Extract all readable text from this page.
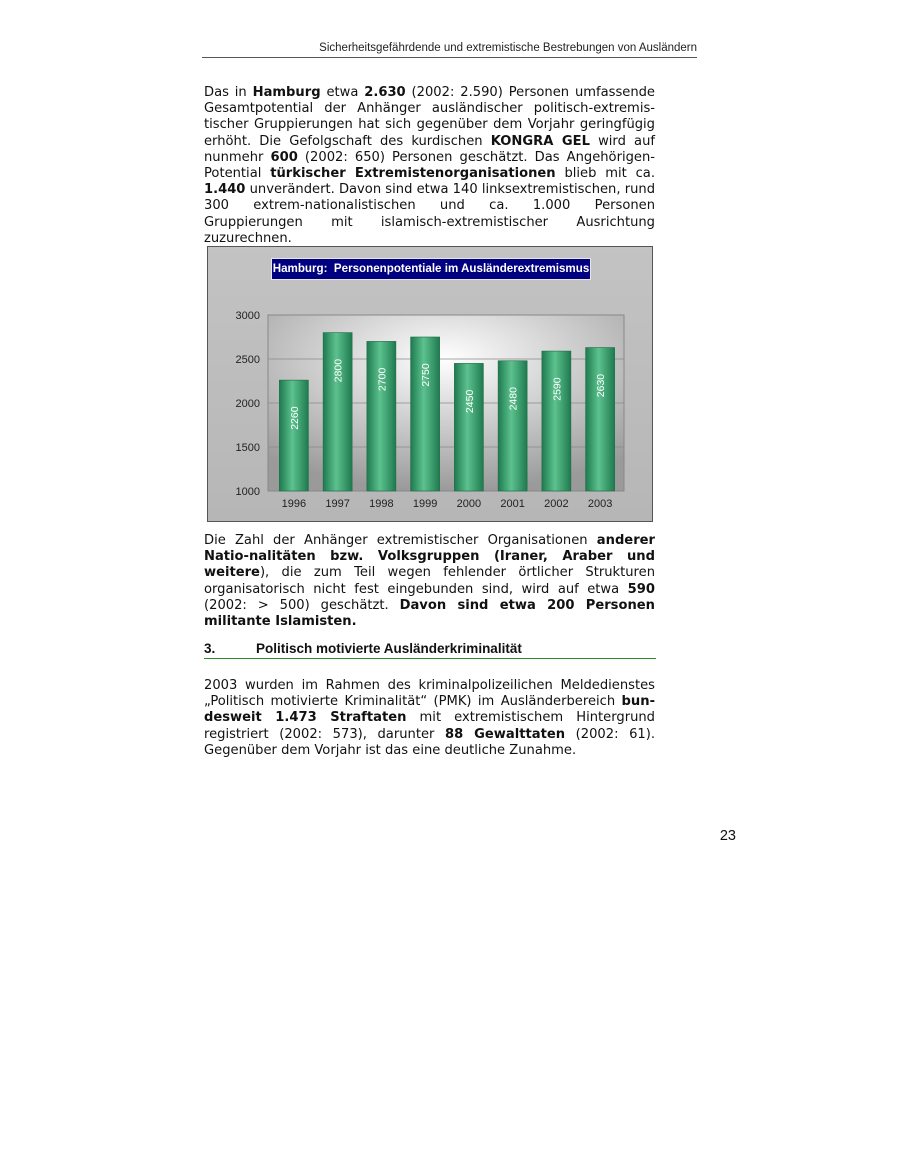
Sicherheitsgefährdende und extremistische Bestrebungen von Ausländern

Das in Hamburg etwa 2.630 (2002: 2.590) Personen umfassende Gesamtpotential der Anhänger ausländischer politisch-extremis-tischer Gruppierungen hat sich gegenüber dem Vorjahr geringfügig erhöht. Die Gefolgschaft des kurdischen KONGRA GEL wird auf nunmehr 600 (2002: 650) Personen geschätzt. Das Angehörigen-Potential türkischer Extremistenorganisationen blieb mit ca. 1.440 unverändert. Davon sind etwa 140 linksextremistischen, rund 300 extrem-nationalistischen und ca. 1.000 Personen Gruppierungen mit islamisch-extremistischer Ausrichtung zuzurechnen.

1000
1500
2000
2500
3000
2260
1996
2800
1997
2700
1998
2750
1999
2450
2000
2480
2001
2590
2002
2630
2003
Hamburg:  Personenpotentiale im Ausländerextremismus

Die Zahl der Anhänger extremistischer Organisationen anderer Natio-nalitäten bzw. Volksgruppen (Iraner, Araber und weitere), die zum Teil wegen fehlender örtlicher Strukturen organisatorisch nicht fest eingebunden sind, wird auf etwa 590 (2002: > 500) geschätzt. Davon sind etwa 200 Personen militante Islamisten.

3.	Politisch motivierte Ausländerkriminalität

2003 wurden im Rahmen des kriminalpolizeilichen Meldedienstes „Politisch motivierte Kriminalität“ (PMK) im Ausländerbereich bun-desweit 1.473 Straftaten mit extremistischem Hintergrund registriert (2002: 573), darunter 88 Gewalttaten (2002: 61). Gegenüber dem Vorjahr ist das eine deutliche Zunahme.

23
